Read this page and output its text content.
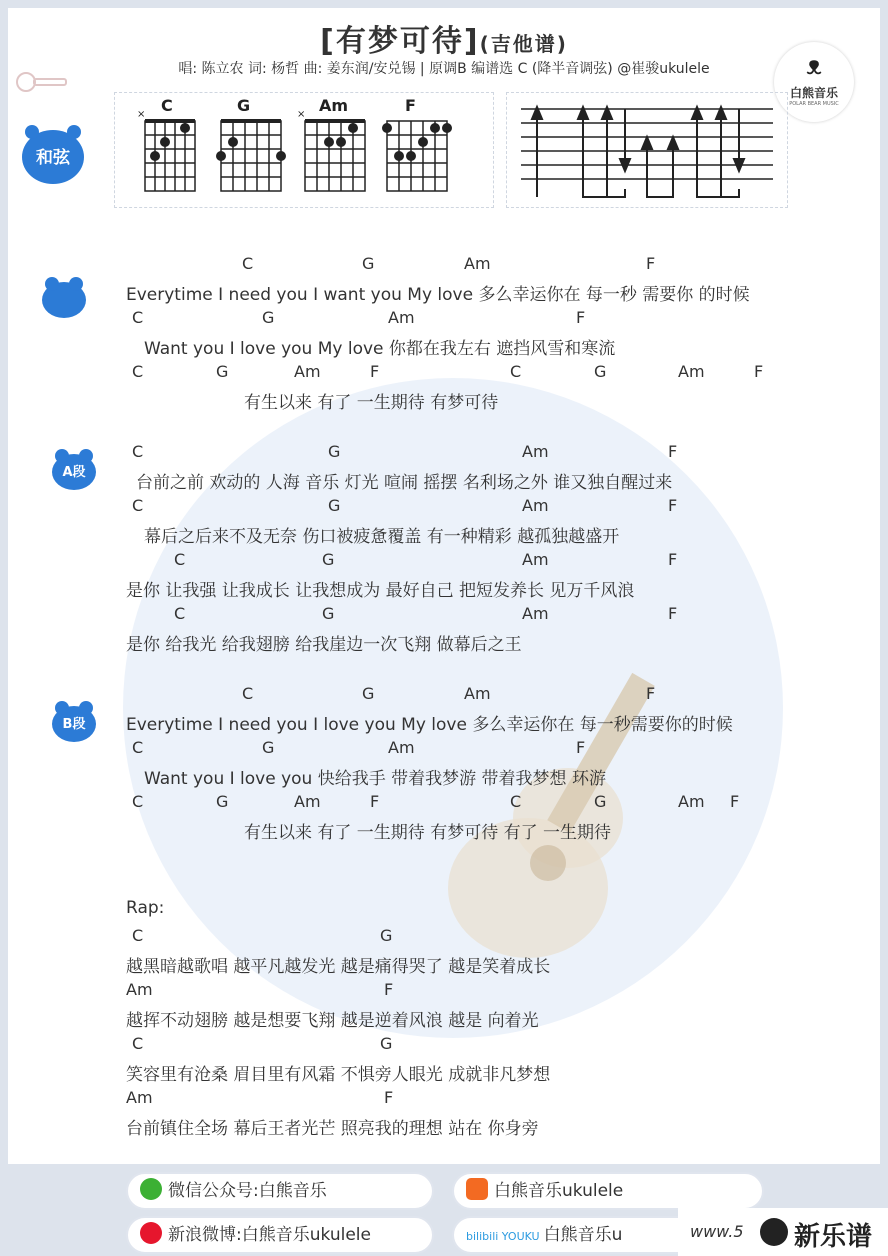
[有梦可待](吉他谱)
唱: 陈立农 词: 杨哲 曲: 姜东润/安兑锡 | 原调B 编谱选 C (降半音调弦) @崔骏ukulele	ᴥ
白熊音乐
POLAR BEAR MUSIC
和弦
C
×	G	Am
×	F
A段
B段
C	G	Am	F
Everytime I need you I want you My love 多么幸运你在 每一秒 需要你 的时候
C	G	Am	F
Want you I love you My love 你都在我左右 遮挡风雪和寒流
C	G	Am	F	C	G	Am	F
有生以来 有了 一生期待 有梦可待
C	G	Am	F
台前之前 欢动的 人海 音乐 灯光 喧闹 摇摆 名利场之外 谁又独自醒过来
C	G	Am	F
幕后之后来不及无奈 伤口被疲惫覆盖 有一种精彩 越孤独越盛开
C	G	Am	F
是你 让我强 让我成长 让我想成为 最好自己 把短发养长 见万千风浪
C	G	Am	F
是你 给我光 给我翅膀 给我崖边一次飞翔 做幕后之王
C	G	Am	F
Everytime I need you I love you My love 多么幸运你在 每一秒需要你的时候
C	G	Am	F
Want you I love you 快给我手 带着我梦游 带着我梦想 环游
C	G	Am	F	C	G	Am F
有生以来 有了 一生期待 有梦可待 有了 一生期待
Rap:
C	G
越黑暗越歌唱 越平凡越发光 越是痛得哭了 越是笑着成长
Am	F
越挥不动翅膀 越是想要飞翔 越是逆着风浪 越是 向着光
C	G
笑容里有沧桑 眉目里有风霜 不惧旁人眼光 成就非凡梦想
Am	F
台前镇住全场 幕后王者光芒 照亮我的理想 站在 你身旁
微信公众号:白熊音乐	白熊音乐ukulele
新浪微博:白熊音乐ukulele	bilibili YOUKU 白熊音乐u	www.5 新乐谱
